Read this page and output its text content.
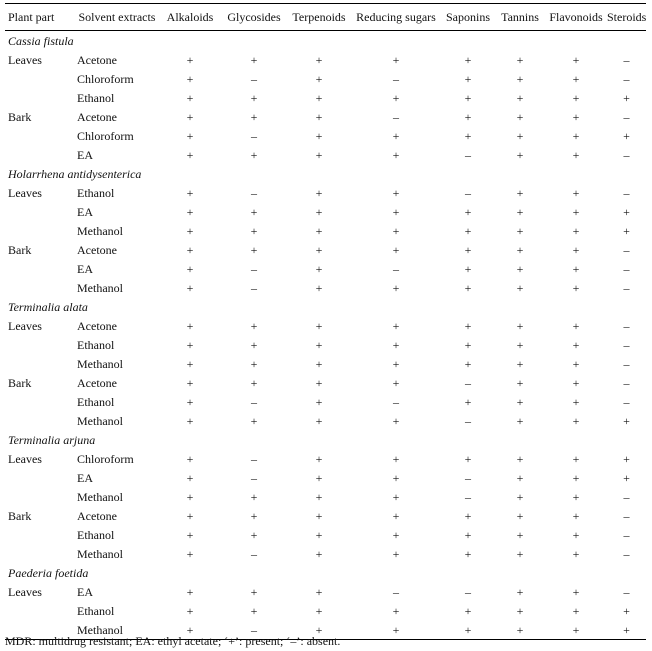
Plant part	Solvent extracts	Alkaloids	Glycosides	Terpenoids	Reducing sugars	Saponins	Tannins	Flavonoids	Steroids
Cassia fistula									
Leaves	Acetone	+	+	+	+	+	+	+	–
	Chloroform	+	–	+	–	+	+	+	–
	Ethanol	+	+	+	+	+	+	+	+
Bark	Acetone	+	+	+	–	+	+	+	–
	Chloroform	+	–	+	+	+	+	+	+
	EA	+	+	+	+	–	+	+	–
Holarrhena antidysenterica									
Leaves	Ethanol	+	–	+	+	–	+	+	–
	EA	+	+	+	+	+	+	+	+
	Methanol	+	+	+	+	+	+	+	+
Bark	Acetone	+	+	+	+	+	+	+	–
	EA	+	–	+	–	+	+	+	–
	Methanol	+	–	+	+	+	+	+	–
Terminalia alata									
Leaves	Acetone	+	+	+	+	+	+	+	–
	Ethanol	+	+	+	+	+	+	+	–
	Methanol	+	+	+	+	+	+	+	–
Bark	Acetone	+	+	+	+	–	+	+	–
	Ethanol	+	–	+	–	+	+	+	–
	Methanol	+	+	+	+	–	+	+	+
Terminalia arjuna									
Leaves	Chloroform	+	–	+	+	+	+	+	+
	EA	+	–	+	+	–	+	+	+
	Methanol	+	+	+	+	–	+	+	–
Bark	Acetone	+	+	+	+	+	+	+	–
	Ethanol	+	+	+	+	+	+	+	–
	Methanol	+	–	+	+	+	+	+	–
Paederia foetida									
Leaves	EA	+	+	+	–	–	+	+	–
	Ethanol	+	+	+	+	+	+	+	+
	Methanol	+	–	+	+	+	+	+	+
MDR: multidrug resistant; EA: ethyl acetate; ‘+’: present; ‘–’: absent.
